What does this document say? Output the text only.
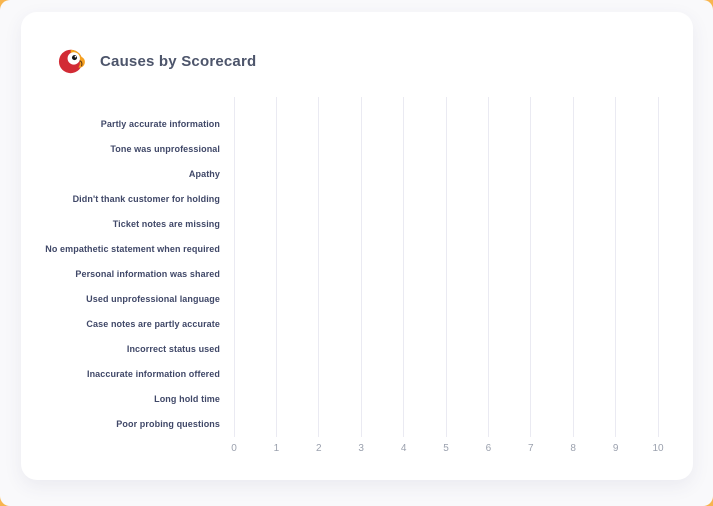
Causes by Scorecard
Partly accurate information
Tone was unprofessional
Apathy
Didn't thank customer for holding
Ticket notes are missing
No empathetic statement when required
Personal information was shared
Used unprofessional language
Case notes are partly accurate
Incorrect status used
Inaccurate information offered
Long hold time
Poor probing questions
0	1	2	3	4	5	6	7	8	9	10
